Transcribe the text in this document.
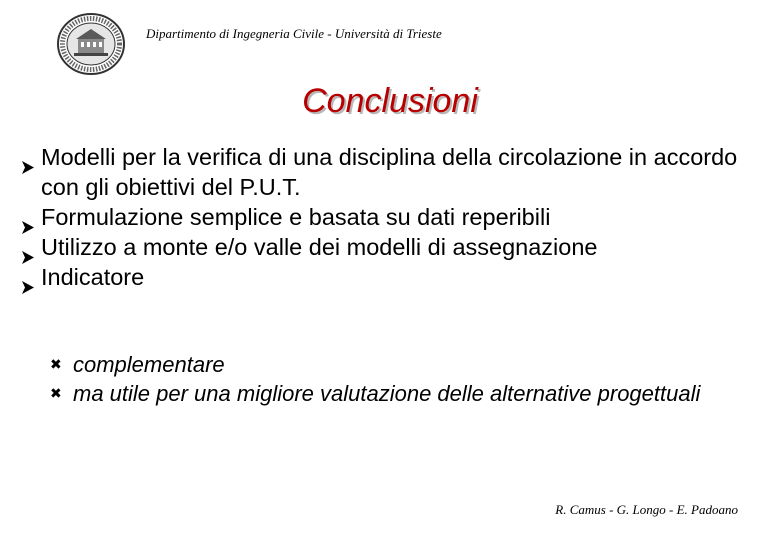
Dipartimento di Ingegneria Civile - Università di Trieste
Conclusioni
Modelli per la verifica di una disciplina della circolazione in accordo con gli obiettivi del P.U.T.
Formulazione semplice e basata su dati reperibili
Utilizzo a monte e/o valle dei modelli di assegnazione
Indicatore
✖ complementare
✖ ma utile per una migliore valutazione delle alternative progettuali
R. Camus - G. Longo - E. Padoano
